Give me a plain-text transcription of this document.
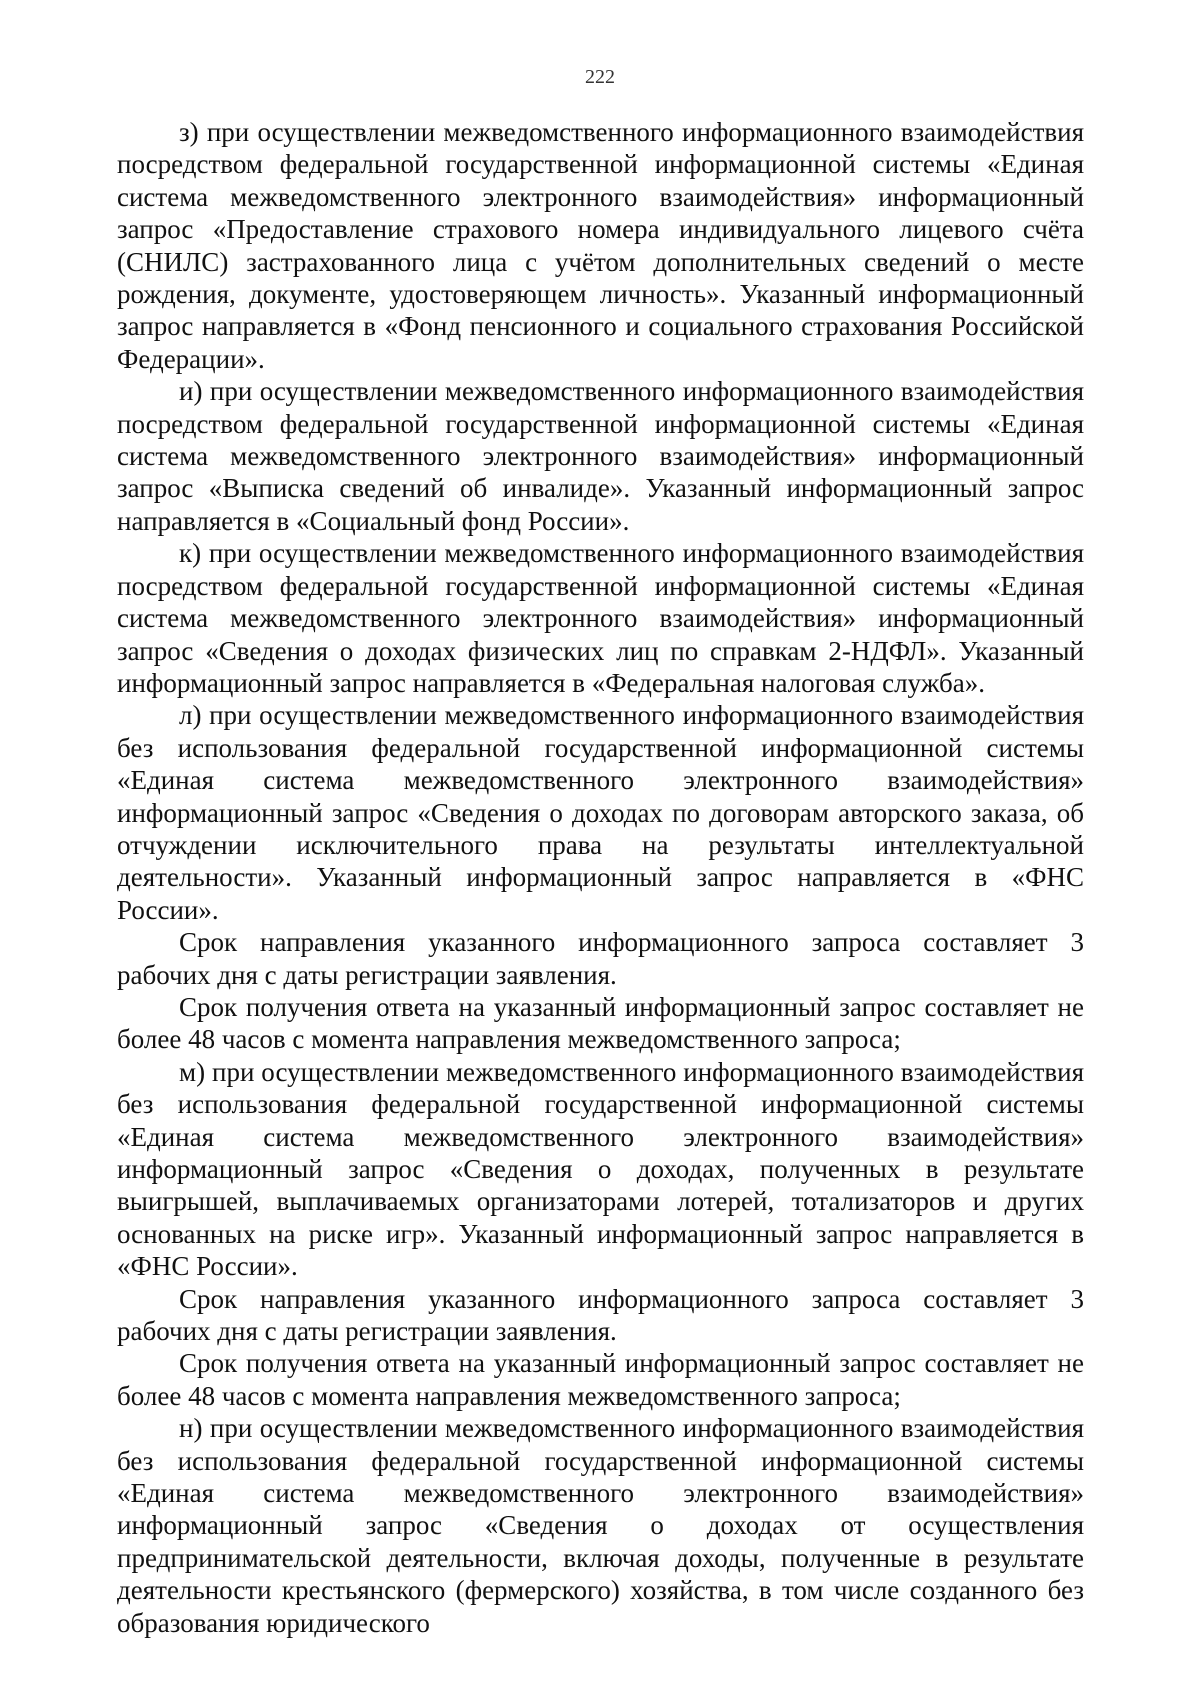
222

з) при осуществлении межведомственного информационного взаимодействия посредством федеральной государственной информационной системы «Единая система межведомственного электронного взаимодействия» информационный запрос «Предоставление страхового номера индивидуального лицевого счёта (СНИЛС) застрахованного лица с учётом дополнительных сведений о месте рождения, документе, удостоверяющем личность». Указанный информационный запрос направляется в «Фонд пенсионного и социального страхования Российской Федерации».

и) при осуществлении межведомственного информационного взаимодействия посредством федеральной государственной информационной системы «Единая система межведомственного электронного взаимодействия» информационный запрос «Выписка сведений об инвалиде». Указанный информационный запрос направляется в «Социальный фонд России».

к) при осуществлении межведомственного информационного взаимодействия посредством федеральной государственной информационной системы «Единая система межведомственного электронного взаимодействия» информационный запрос «Сведения о доходах физических лиц по справкам 2-НДФЛ». Указанный информационный запрос направляется в «Федеральная налоговая служба».

л) при осуществлении межведомственного информационного взаимодействия без использования федеральной государственной информационной системы «Единая система межведомственного электронного взаимодействия» информационный запрос «Сведения о доходах по договорам авторского заказа, об отчуждении исключительного права на результаты интеллектуальной деятельности». Указанный информационный запрос направляется в «ФНС России».

Срок направления указанного информационного запроса составляет 3 рабочих дня с даты регистрации заявления.

Срок получения ответа на указанный информационный запрос составляет не более 48 часов с момента направления межведомственного запроса;

м) при осуществлении межведомственного информационного взаимодействия без использования федеральной государственной информационной системы «Единая система межведомственного электронного взаимодействия» информационный запрос «Сведения о доходах, полученных в результате выигрышей, выплачиваемых организаторами лотерей, тотализаторов и других основанных на риске игр». Указанный информационный запрос направляется в «ФНС России».

Срок направления указанного информационного запроса составляет 3 рабочих дня с даты регистрации заявления.

Срок получения ответа на указанный информационный запрос составляет не более 48 часов с момента направления межведомственного запроса;

н) при осуществлении межведомственного информационного взаимодействия без использования федеральной государственной информационной системы «Единая система межведомственного электронного взаимодействия» информационный запрос «Сведения о доходах от осуществления предпринимательской деятельности, включая доходы, полученные в результате деятельности крестьянского (фермерского) хозяйства, в том числе созданного без образования юридического
